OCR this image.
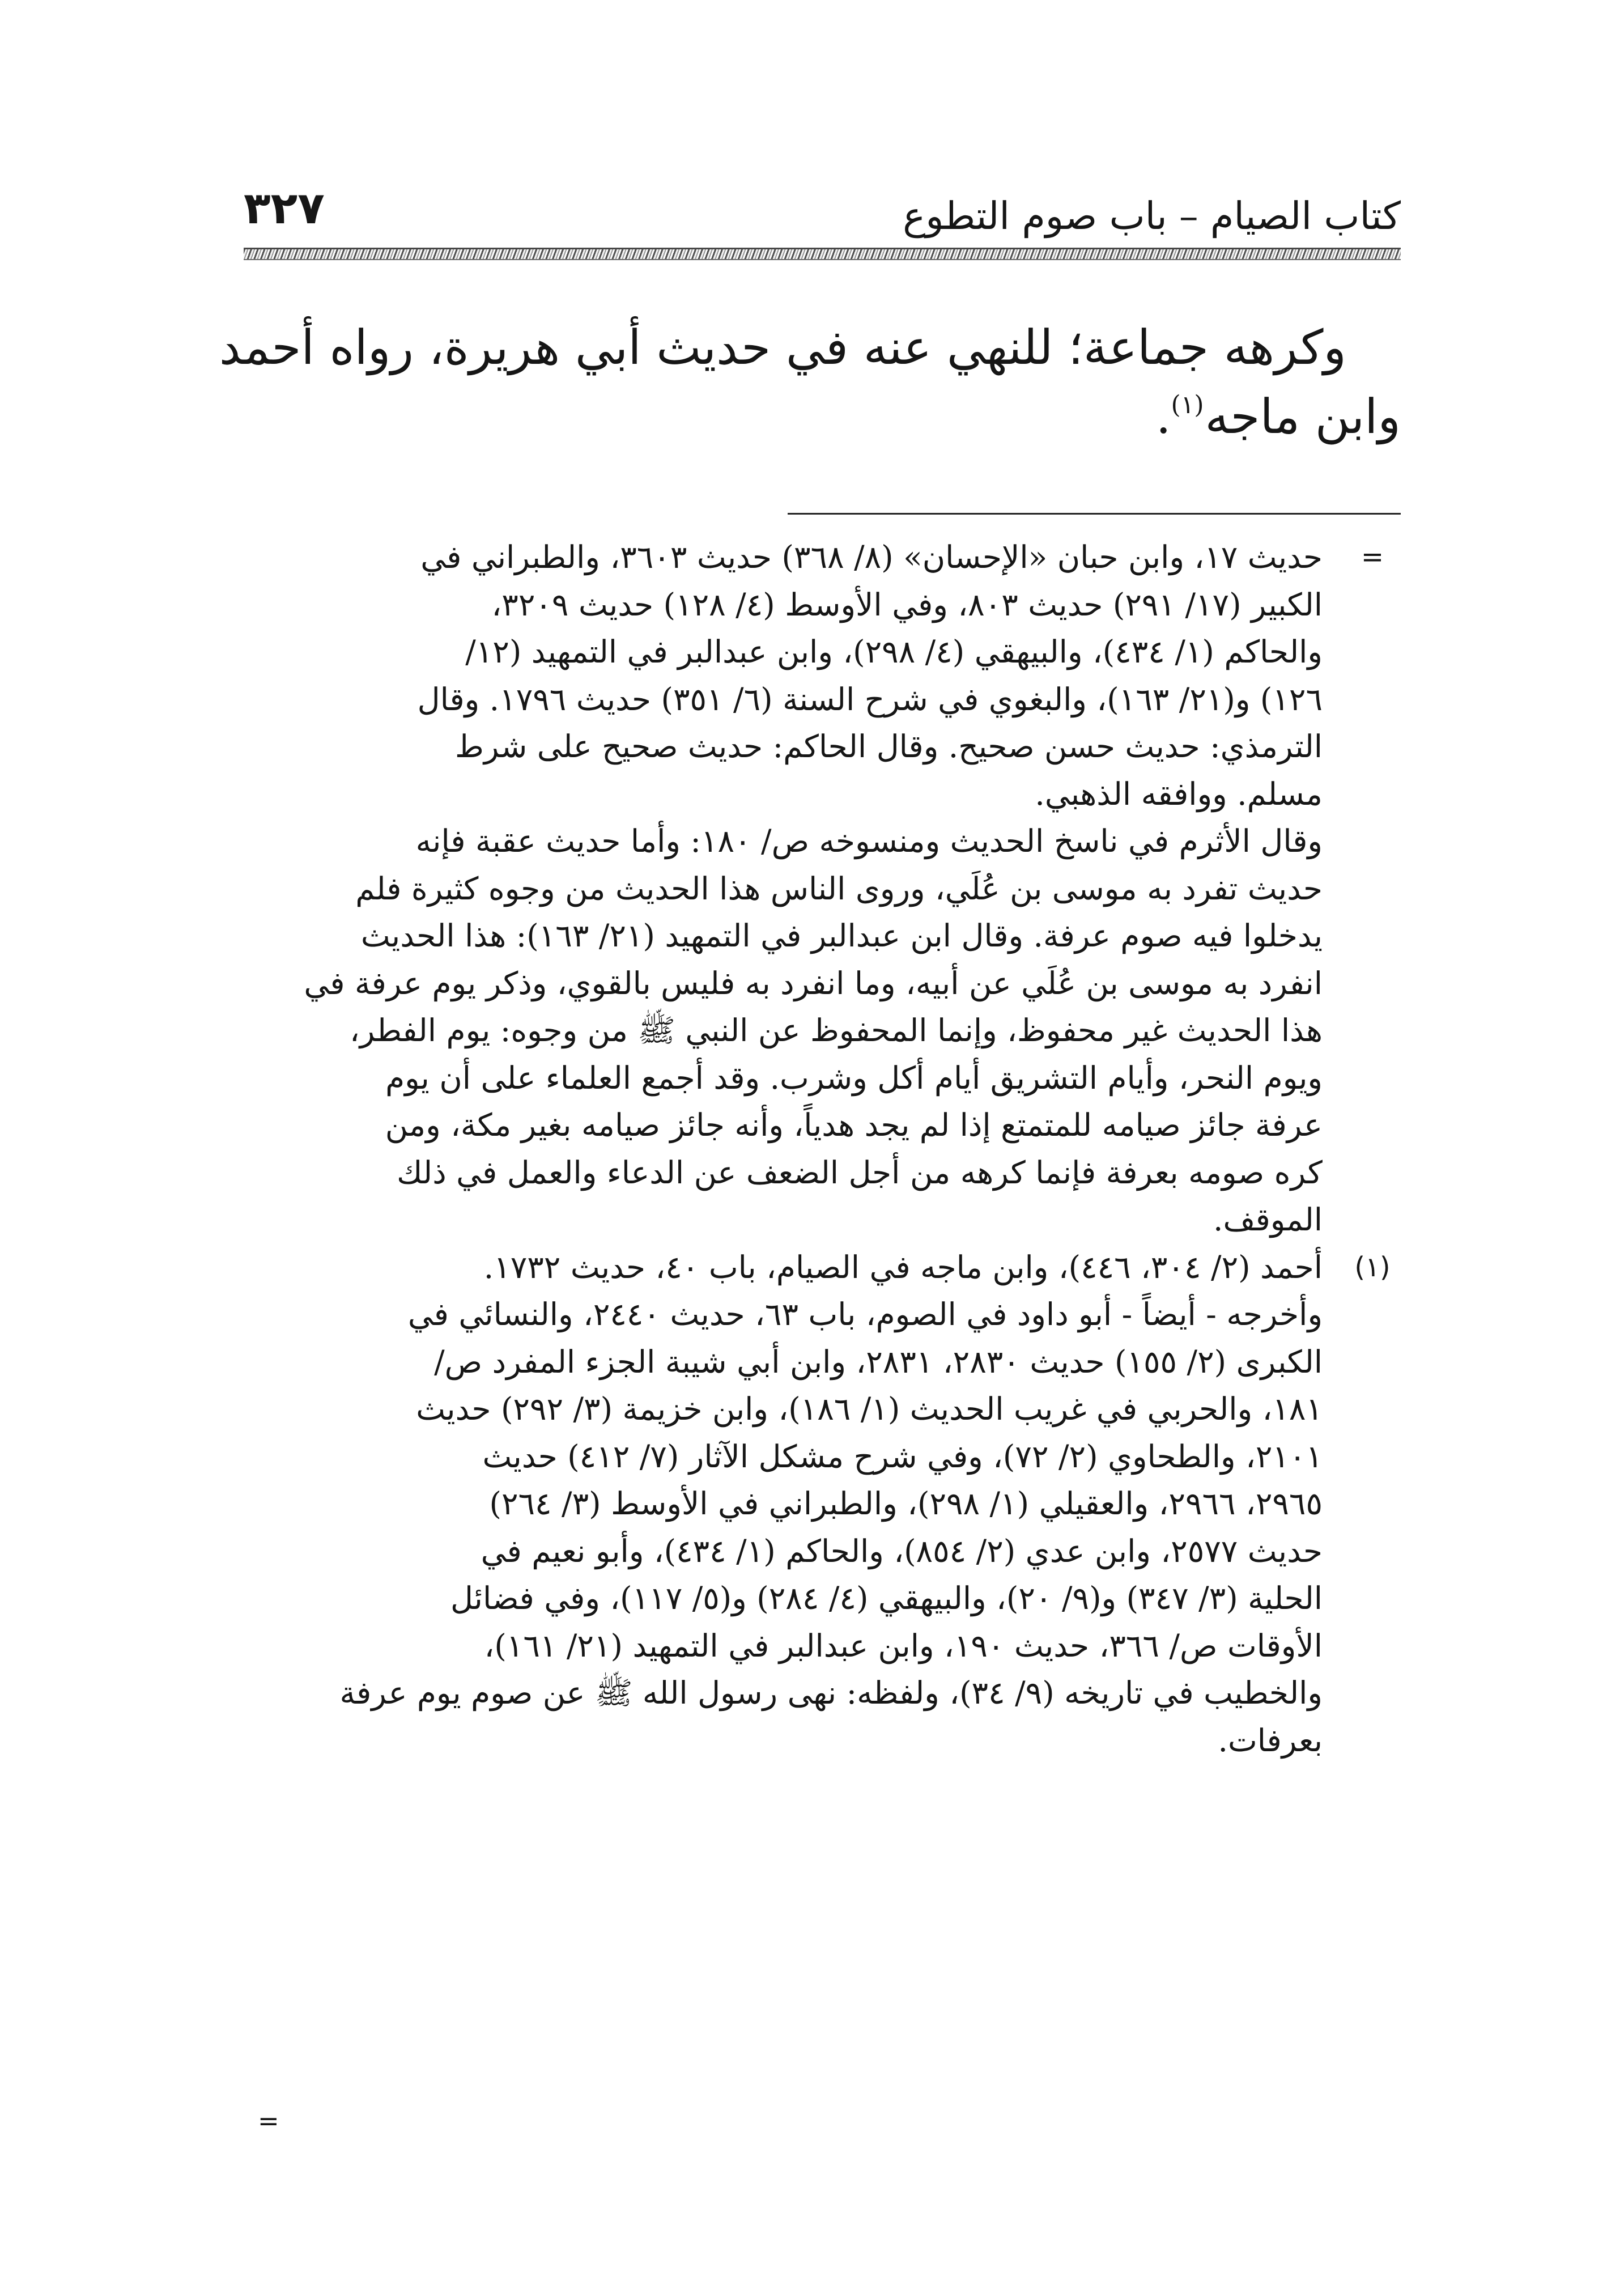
٣٢٧	كتاب الصيام – باب صوم التطوع
وكرهه جماعة؛ للنهي عنه في حديث أبي هريرة، رواه أحمد
وابن ماجه$^{(١)}$.
=
حديث ١٧، وابن حبان «الإحسان» (٨/ ٣٦٨) حديث ٣٦٠٣، والطبراني في
الكبير (١٧/ ٢٩١) حديث ٨٠٣، وفي الأوسط (٤/ ١٢٨) حديث ٣٢٠٩،
والحاكم (١/ ٤٣٤)، والبيهقي (٤/ ٢٩٨)، وابن عبدالبر في التمهيد (١٢/
١٢٦) و(٢١/ ١٦٣)، والبغوي في شرح السنة (٦/ ٣٥١) حديث ١٧٩٦. وقال
الترمذي: حديث حسن صحيح. وقال الحاكم: حديث صحيح على شرط
مسلم. ووافقه الذهبي.
وقال الأثرم في ناسخ الحديث ومنسوخه ص/ ١٨٠: وأما حديث عقبة فإنه
حديث تفرد به موسى بن عُلَي، وروى الناس هذا الحديث من وجوه كثيرة فلم
يدخلوا فيه صوم عرفة. وقال ابن عبدالبر في التمهيد (٢١/ ١٦٣): هذا الحديث
انفرد به موسى بن عُلَي عن أبيه، وما انفرد به فليس بالقوي، وذكر يوم عرفة في
هذا الحديث غير محفوظ، وإنما المحفوظ عن النبي ﷺ من وجوه: يوم الفطر،
ويوم النحر، وأيام التشريق أيام أكل وشرب. وقد أجمع العلماء على أن يوم
عرفة جائز صيامه للمتمتع إذا لم يجد هدياً، وأنه جائز صيامه بغير مكة، ومن
كره صومه بعرفة فإنما كرهه من أجل الضعف عن الدعاء والعمل في ذلك
الموقف.
(١)
أحمد (٢/ ٣٠٤، ٤٤٦)، وابن ماجه في الصيام، باب ٤٠، حديث ١٧٣٢.
وأخرجه - أيضاً - أبو داود في الصوم، باب ٦٣، حديث ٢٤٤٠، والنسائي في
الكبرى (٢/ ١٥٥) حديث ٢٨٣٠، ٢٨٣١، وابن أبي شيبة الجزء المفرد ص/
١٨١، والحربي في غريب الحديث (١/ ١٨٦)، وابن خزيمة (٣/ ٢٩٢) حديث
٢١٠١، والطحاوي (٢/ ٧٢)، وفي شرح مشكل الآثار (٧/ ٤١٢) حديث
٢٩٦٥، ٢٩٦٦، والعقيلي (١/ ٢٩٨)، والطبراني في الأوسط (٣/ ٢٦٤)
حديث ٢٥٧٧، وابن عدي (٢/ ٨٥٤)، والحاكم (١/ ٤٣٤)، وأبو نعيم في
الحلية (٣/ ٣٤٧) و(٩/ ٢٠)، والبيهقي (٤/ ٢٨٤) و(٥/ ١١٧)، وفي فضائل
الأوقات ص/ ٣٦٦، حديث ١٩٠، وابن عبدالبر في التمهيد (٢١/ ١٦١)،
والخطيب في تاريخه (٩/ ٣٤)، ولفظه: نهى رسول الله ﷺ عن صوم يوم عرفة
بعرفات.
=
